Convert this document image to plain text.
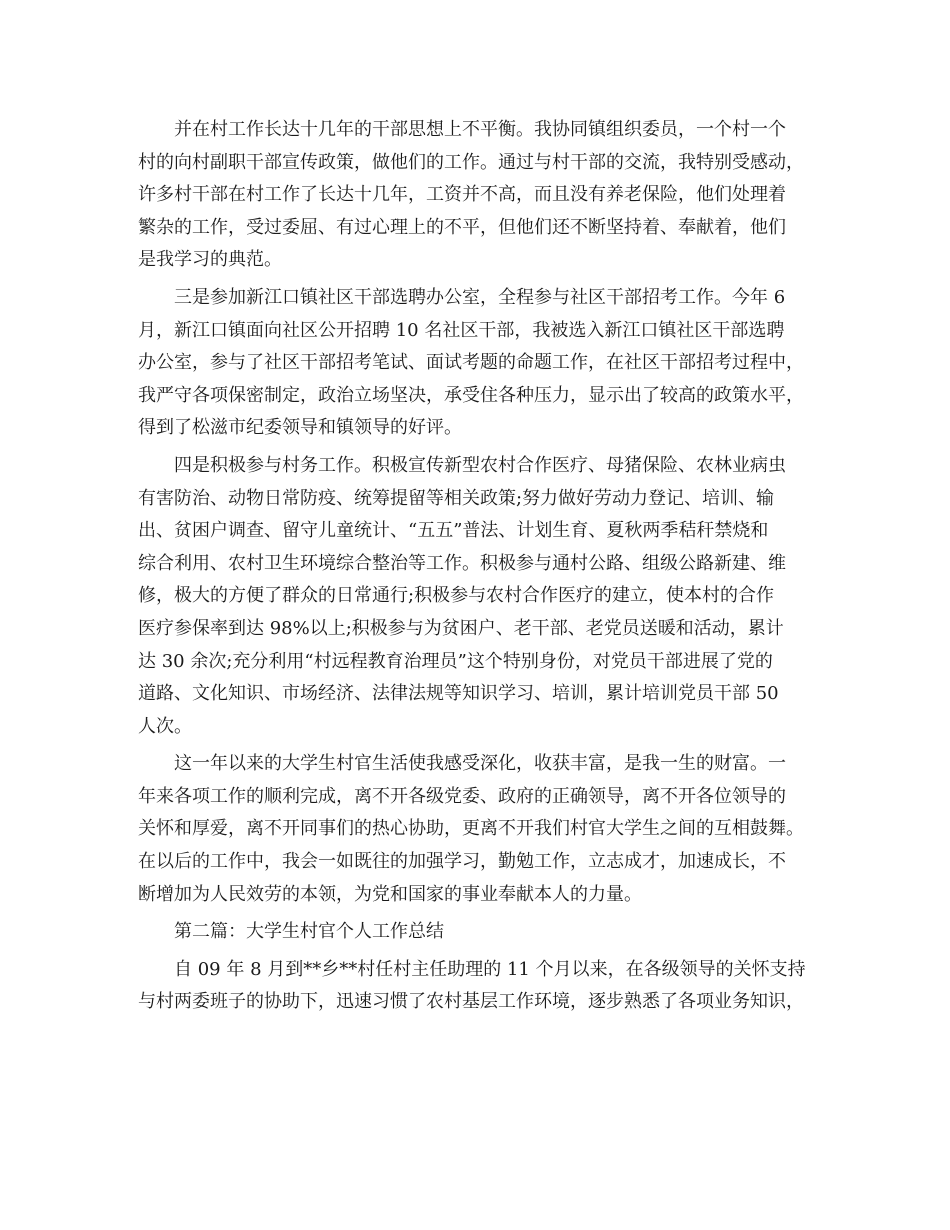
并在村工作长达十几年的干部思想上不平衡。我协同镇组织委员，一个村一个
村的向村副职干部宣传政策，做他们的工作。通过与村干部的交流，我特别受感动，
许多村干部在村工作了长达十几年，工资并不高，而且没有养老保险，他们处理着
繁杂的工作，受过委屈、有过心理上的不平，但他们还不断坚持着、奉献着，他们
是我学习的典范。

三是参加新江口镇社区干部选聘办公室，全程参与社区干部招考工作。今年 6
月，新江口镇面向社区公开招聘 10 名社区干部，我被选入新江口镇社区干部选聘
办公室，参与了社区干部招考笔试、面试考题的命题工作，在社区干部招考过程中，
我严守各项保密制定，政治立场坚决，承受住各种压力，显示出了较高的政策水平，
得到了松滋市纪委领导和镇领导的好评。

四是积极参与村务工作。积极宣传新型农村合作医疗、母猪保险、农林业病虫
有害防治、动物日常防疫、统筹提留等相关政策;努力做好劳动力登记、培训、输
出、贫困户调查、留守儿童统计、“五五”普法、计划生育、夏秋两季秸秆禁烧和
综合利用、农村卫生环境综合整治等工作。积极参与通村公路、组级公路新建、维
修，极大的方便了群众的日常通行;积极参与农村合作医疗的建立，使本村的合作
医疗参保率到达 98%以上;积极参与为贫困户、老干部、老党员送暖和活动，累计
达 30 余次;充分利用“村远程教育治理员”这个特别身份，对党员干部进展了党的
道路、文化知识、市场经济、法律法规等知识学习、培训，累计培训党员干部 50
人次。

这一年以来的大学生村官生活使我感受深化，收获丰富，是我一生的财富。一
年来各项工作的顺利完成，离不开各级党委、政府的正确领导，离不开各位领导的
关怀和厚爱，离不开同事们的热心协助，更离不开我们村官大学生之间的互相鼓舞。
在以后的工作中，我会一如既往的加强学习，勤勉工作，立志成才，加速成长，不
断增加为人民效劳的本领，为党和国家的事业奉献本人的力量。

第二篇：大学生村官个人工作总结

自 09 年 8 月到**乡**村任村主任助理的 11 个月以来，在各级领导的关怀支持
与村两委班子的协助下，迅速习惯了农村基层工作环境，逐步熟悉了各项业务知识，
